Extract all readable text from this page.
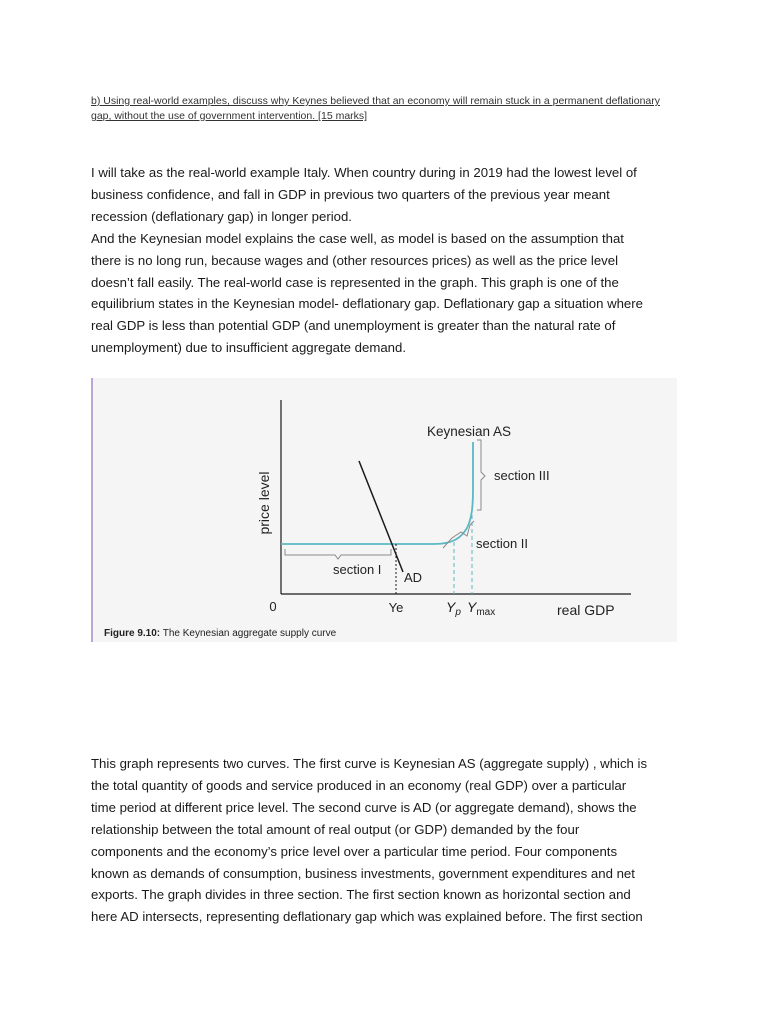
b) Using real-world examples, discuss why Keynes believed that an economy will remain stuck in a permanent deflationary gap, without the use of government intervention. [15 marks]

I will take as the real-world example Italy. When country during in 2019 had the lowest level of
business confidence, and fall in GDP in previous two quarters of the previous year meant
recession (deflationary gap) in longer period.
And the Keynesian model explains the case well, as model is based on the assumption that
there is no long run, because wages and (other resources prices) as well as the price level
doesn’t fall easily. The real-world case is represented in the graph. This graph is one of the
equilibrium states in the Keynesian model- deflationary gap. Deflationary gap a situation where
real GDP is less than potential GDP (and unemployment is greater than the natural rate of
unemployment) due to insufficient aggregate demand.

price level
0	real GDP
Keynesian AS
AD
Ye	$Y_p$ $Y_{max}$
section I
section II
section III
Figure 9.10: The Keynesian aggregate supply curve

This graph represents two curves. The first curve is Keynesian AS (aggregate supply) , which is
the total quantity of goods and service produced in an economy (real GDP) over a particular
time period at different price level. The second curve is AD (or aggregate demand), shows the
relationship between the total amount of real output (or GDP) demanded by the four
components and the economy’s price level over a particular time period. Four components
known as demands of consumption, business investments, government expenditures and net
exports. The graph divides in three section. The first section known as horizontal section and
here AD intersects, representing deflationary gap which was explained before. The first section
